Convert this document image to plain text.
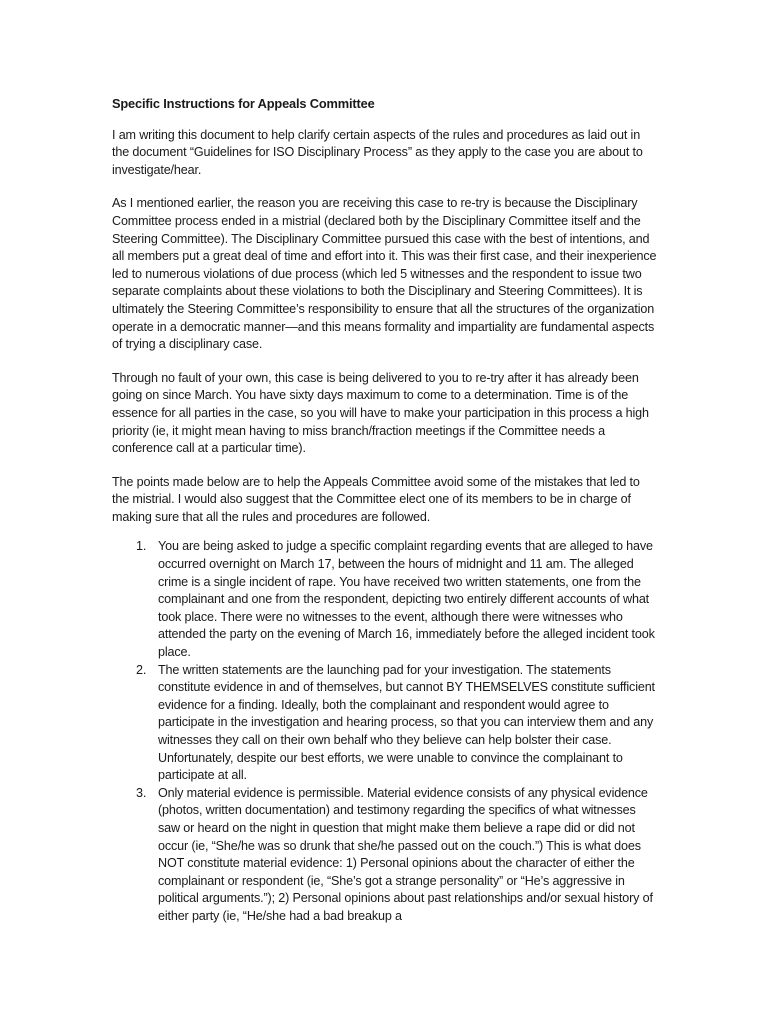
Specific Instructions for Appeals Committee

I am writing this document to help clarify certain aspects of the rules and procedures as laid out in the document “Guidelines for ISO Disciplinary Process” as they apply to the case you are about to investigate/hear.

As I mentioned earlier, the reason you are receiving this case to re-try is because the Disciplinary Committee process ended in a mistrial (declared both by the Disciplinary Committee itself and the Steering Committee). The Disciplinary Committee pursued this case with the best of intentions, and all members put a great deal of time and effort into it. This was their first case, and their inexperience led to numerous violations of due process (which led 5 witnesses and the respondent to issue two separate complaints about these violations to both the Disciplinary and Steering Committees). It is ultimately the Steering Committee’s responsibility to ensure that all the structures of the organization operate in a democratic manner—and this means formality and impartiality are fundamental aspects of trying a disciplinary case.

Through no fault of your own, this case is being delivered to you to re-try after it has already been going on since March. You have sixty days maximum to come to a determination. Time is of the essence for all parties in the case, so you will have to make your participation in this process a high priority (ie, it might mean having to miss branch/fraction meetings if the Committee needs a conference call at a particular time).

The points made below are to help the Appeals Committee avoid some of the mistakes that led to the mistrial. I would also suggest that the Committee elect one of its members to be in charge of making sure that all the rules and procedures are followed.

1. You are being asked to judge a specific complaint regarding events that are alleged to have occurred overnight on March 17, between the hours of midnight and 11 am. The alleged crime is a single incident of rape. You have received two written statements, one from the complainant and one from the respondent, depicting two entirely different accounts of what took place. There were no witnesses to the event, although there were witnesses who attended the party on the evening of March 16, immediately before the alleged incident took place.
2. The written statements are the launching pad for your investigation. The statements constitute evidence in and of themselves, but cannot BY THEMSELVES constitute sufficient evidence for a finding. Ideally, both the complainant and respondent would agree to participate in the investigation and hearing process, so that you can interview them and any witnesses they call on their own behalf who they believe can help bolster their case. Unfortunately, despite our best efforts, we were unable to convince the complainant to participate at all.
3. Only material evidence is permissible. Material evidence consists of any physical evidence (photos, written documentation) and testimony regarding the specifics of what witnesses saw or heard on the night in question that might make them believe a rape did or did not occur (ie, “She/he was so drunk that she/he passed out on the couch.”) This is what does NOT constitute material evidence: 1) Personal opinions about the character of either the complainant or respondent (ie, “She’s got a strange personality” or “He’s aggressive in political arguments.”); 2) Personal opinions about past relationships and/or sexual history of either party (ie, “He/she had a bad breakup a
